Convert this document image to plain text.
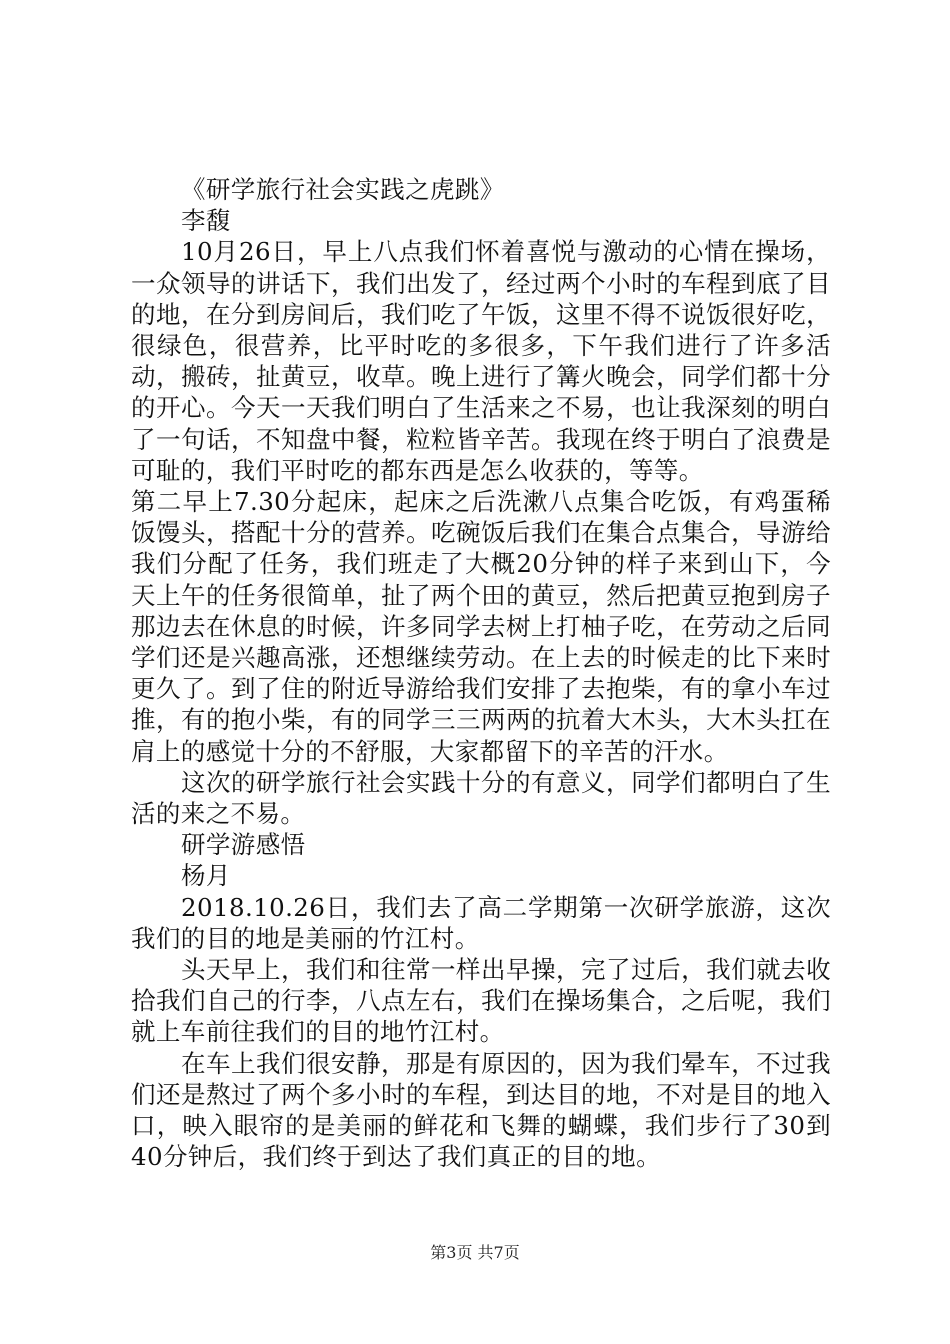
《研学旅行社会实践之虎跳》

李馥

10月26日，早上八点我们怀着喜悦与激动的心情在操场，一众领导的讲话下，我们出发了，经过两个小时的车程到底了目的地，在分到房间后，我们吃了午饭，这里不得不说饭很好吃，很绿色，很营养，比平时吃的多很多，下午我们进行了许多活动，搬砖，扯黄豆，收草。晚上进行了篝火晚会，同学们都十分的开心。今天一天我们明白了生活来之不易，也让我深刻的明白了一句话，不知盘中餐，粒粒皆辛苦。我现在终于明白了浪费是可耻的，我们平时吃的都东西是怎么收获的，等等。

第二早上7.30分起床，起床之后洗漱八点集合吃饭，有鸡蛋稀饭馒头，搭配十分的营养。吃碗饭后我们在集合点集合，导游给我们分配了任务，我们班走了大概20分钟的样子来到山下，今天上午的任务很简单，扯了两个田的黄豆，然后把黄豆抱到房子那边去在休息的时候，许多同学去树上打柚子吃，在劳动之后同学们还是兴趣高涨，还想继续劳动。在上去的时候走的比下来时更久了。到了住的附近导游给我们安排了去抱柴，有的拿小车过推，有的抱小柴，有的同学三三两两的抗着大木头，大木头扛在肩上的感觉十分的不舒服，大家都留下的辛苦的汗水。

这次的研学旅行社会实践十分的有意义，同学们都明白了生活的来之不易。

研学游感悟

杨月

2018.10.26日，我们去了高二学期第一次研学旅游，这次我们的目的地是美丽的竹江村。

头天早上，我们和往常一样出早操，完了过后，我们就去收拾我们自己的行李，八点左右，我们在操场集合，之后呢，我们就上车前往我们的目的地竹江村。

在车上我们很安静，那是有原因的，因为我们晕车，不过我们还是熬过了两个多小时的车程，到达目的地，不对是目的地入口，映入眼帘的是美丽的鲜花和飞舞的蝴蝶，我们步行了30到40分钟后，我们终于到达了我们真正的目的地。

第3页 共7页
